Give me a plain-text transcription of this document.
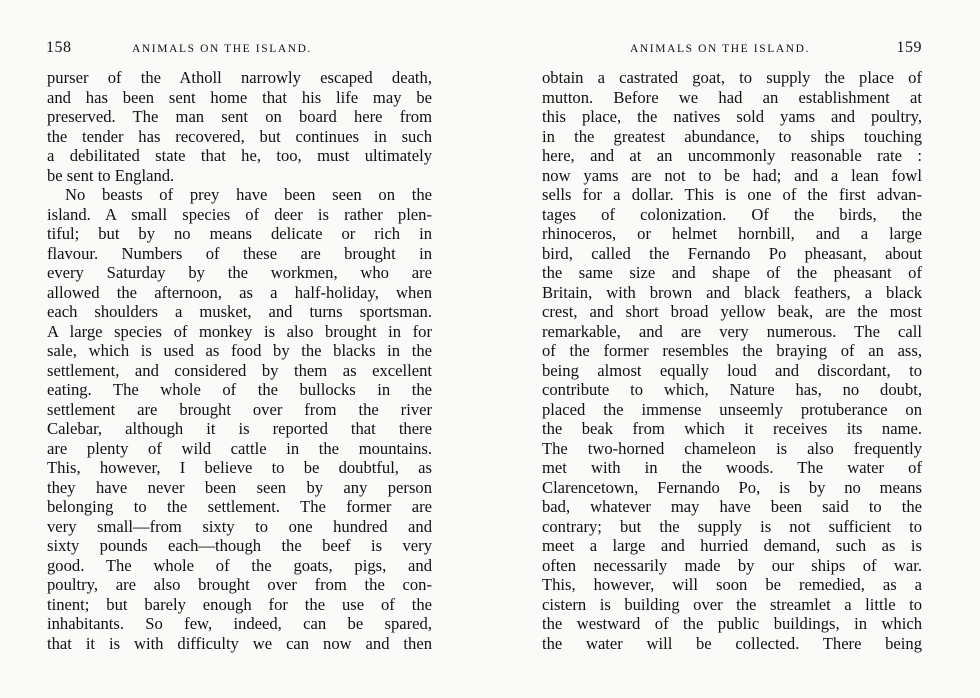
158	ANIMALS ON THE ISLAND.
purser of the Atholl narrowly escaped death,
and has been sent home that his life may be
preserved. The man sent on board here from
the tender has recovered, but continues in such
a debilitated state that he, too, must ultimately
be sent to England.
No beasts of prey have been seen on the
island. A small species of deer is rather plen-
tiful; but by no means delicate or rich in
flavour. Numbers of these are brought in
every Saturday by the workmen, who are
allowed the afternoon, as a half-holiday, when
each shoulders a musket, and turns sportsman.
A large species of monkey is also brought in for
sale, which is used as food by the blacks in the
settlement, and considered by them as excellent
eating. The whole of the bullocks in the
settlement are brought over from the river
Calebar, although it is reported that there
are plenty of wild cattle in the mountains.
This, however, I believe to be doubtful, as
they have never been seen by any person
belonging to the settlement. The former are
very small—from sixty to one hundred and
sixty pounds each—though the beef is very
good. The whole of the goats, pigs, and
poultry, are also brought over from the con-
tinent; but barely enough for the use of the
inhabitants. So few, indeed, can be spared,
that it is with difficulty we can now and then
ANIMALS ON THE ISLAND.	159
obtain a castrated goat, to supply the place of
mutton. Before we had an establishment at
this place, the natives sold yams and poultry,
in the greatest abundance, to ships touching
here, and at an uncommonly reasonable rate :
now yams are not to be had; and a lean fowl
sells for a dollar. This is one of the first advan-
tages of colonization. Of the birds, the
rhinoceros, or helmet hornbill, and a large
bird, called the Fernando Po pheasant, about
the same size and shape of the pheasant of
Britain, with brown and black feathers, a black
crest, and short broad yellow beak, are the most
remarkable, and are very numerous. The call
of the former resembles the braying of an ass,
being almost equally loud and discordant, to
contribute to which, Nature has, no doubt,
placed the immense unseemly protuberance on
the beak from which it receives its name.
The two-horned chameleon is also frequently
met with in the woods. The water of
Clarencetown, Fernando Po, is by no means
bad, whatever may have been said to the
contrary; but the supply is not sufficient to
meet a large and hurried demand, such as is
often necessarily made by our ships of war.
This, however, will soon be remedied, as a
cistern is building over the streamlet a little to
the westward of the public buildings, in which
the water will be collected. There being
